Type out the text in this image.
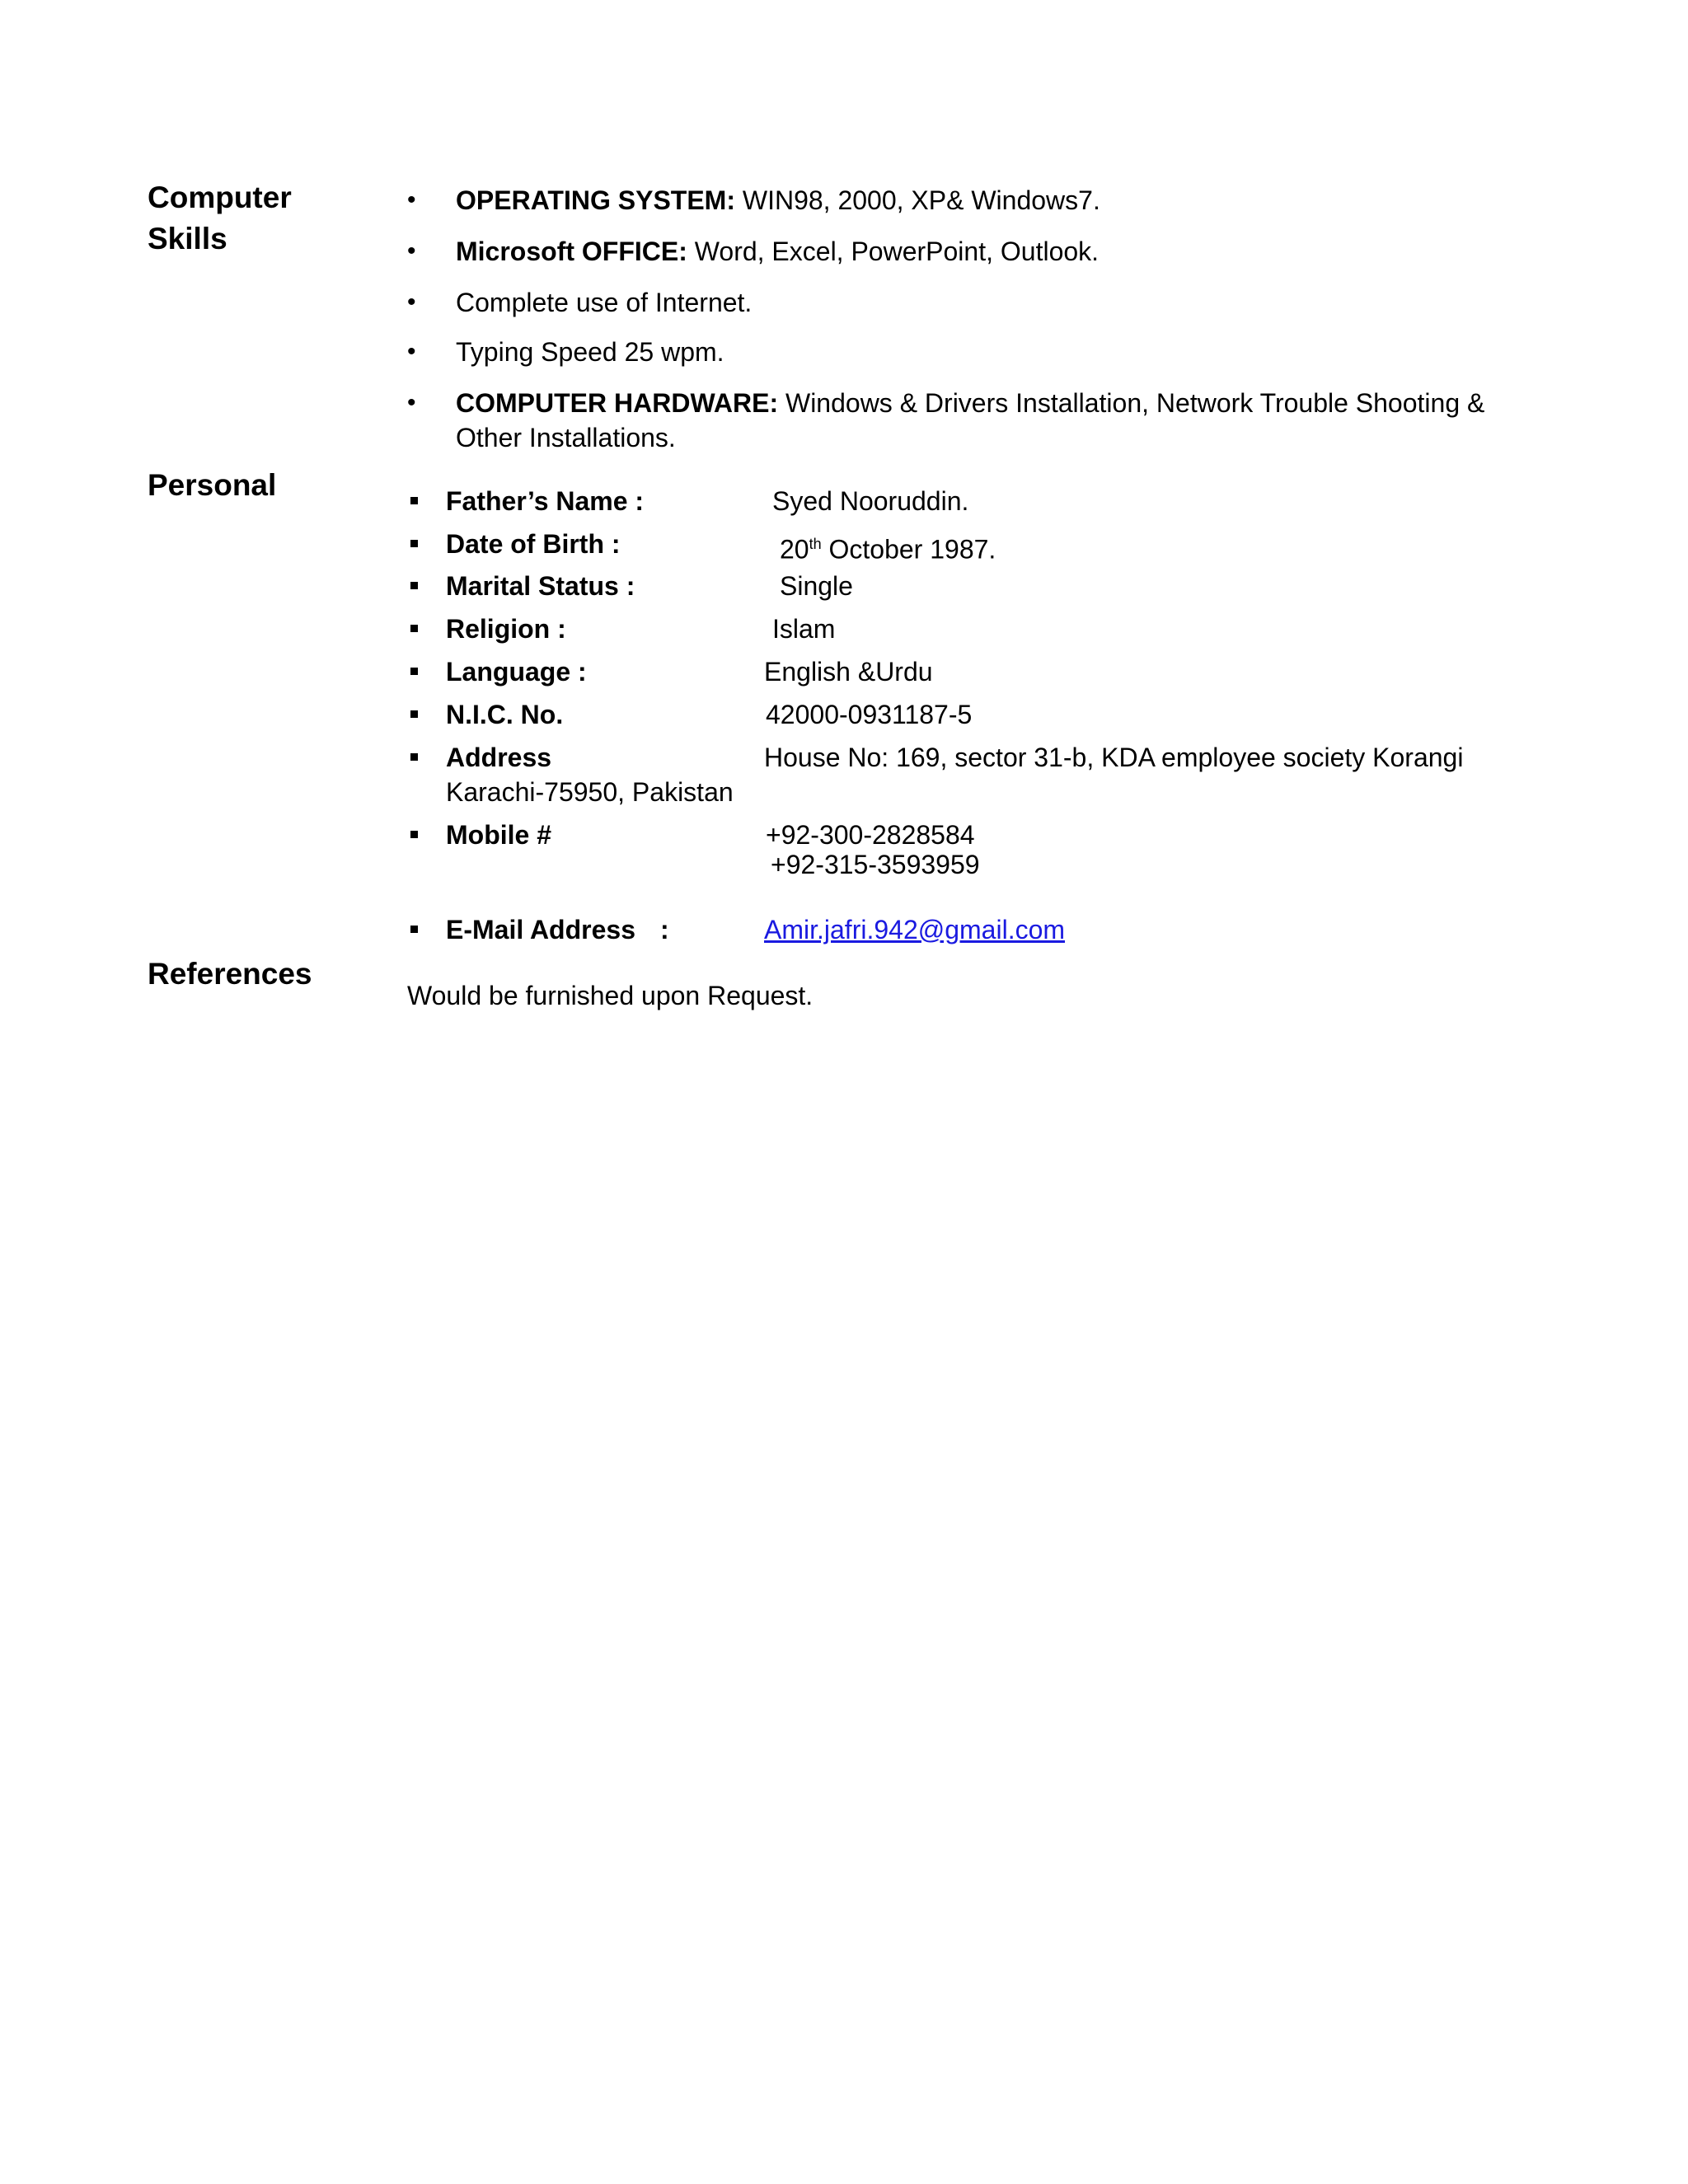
Computer
Skills
• OPERATING SYSTEM: WIN98, 2000, XP& Windows7.
• Microsoft OFFICE: Word, Excel, PowerPoint, Outlook.
• Complete use of Internet.
• Typing Speed 25 wpm.
• COMPUTER HARDWARE: Windows & Drivers Installation, Network Trouble Shooting & Other Installations.
Personal	Father’s Name :	Syed Nooruddin.
Date of Birth :	20th October 1987.
Marital Status :	Single
Religion :	Islam
Language :	English &Urdu
N.I.C. No.	42000-0931187-5
Address	House No: 169, sector 31-b, KDA employee society Korangi
Karachi-75950, Pakistan
Mobile #	+92-300-2828584
+92-315-3593959
E-Mail Address :	Amir.jafri.942@gmail.com
References
Would be furnished upon Request.
